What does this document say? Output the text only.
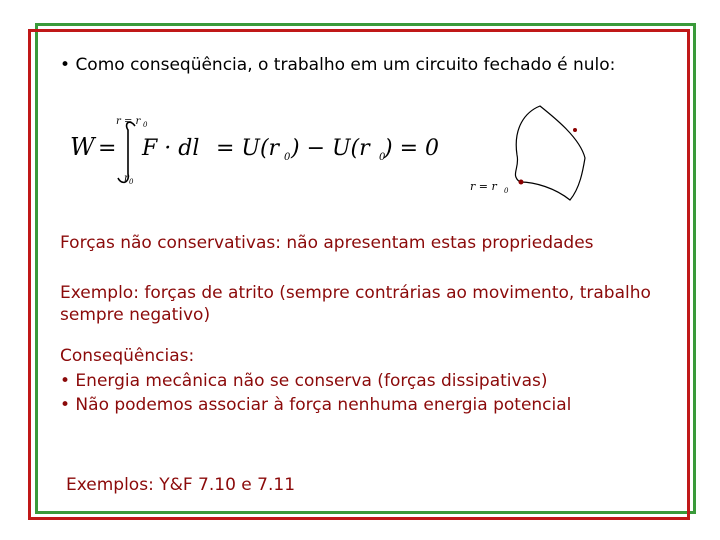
• Como conseqüência, o trabalho em um circuito fechado é nulo:
W =
r = r 0
r 0
F · dl = U(r 0 ) − U(r 0
) = 0
r = r 0
Forças não conservativas: não apresentam estas propriedades
Exemplo: forças de atrito (sempre contrárias ao movimento, trabalho
sempre negativo)
Conseqüências:
• Energia mecânica não se conserva (forças dissipativas)
• Não podemos associar à força nenhuma energia potencial
Exemplos: Y&F 7.10 e 7.11
